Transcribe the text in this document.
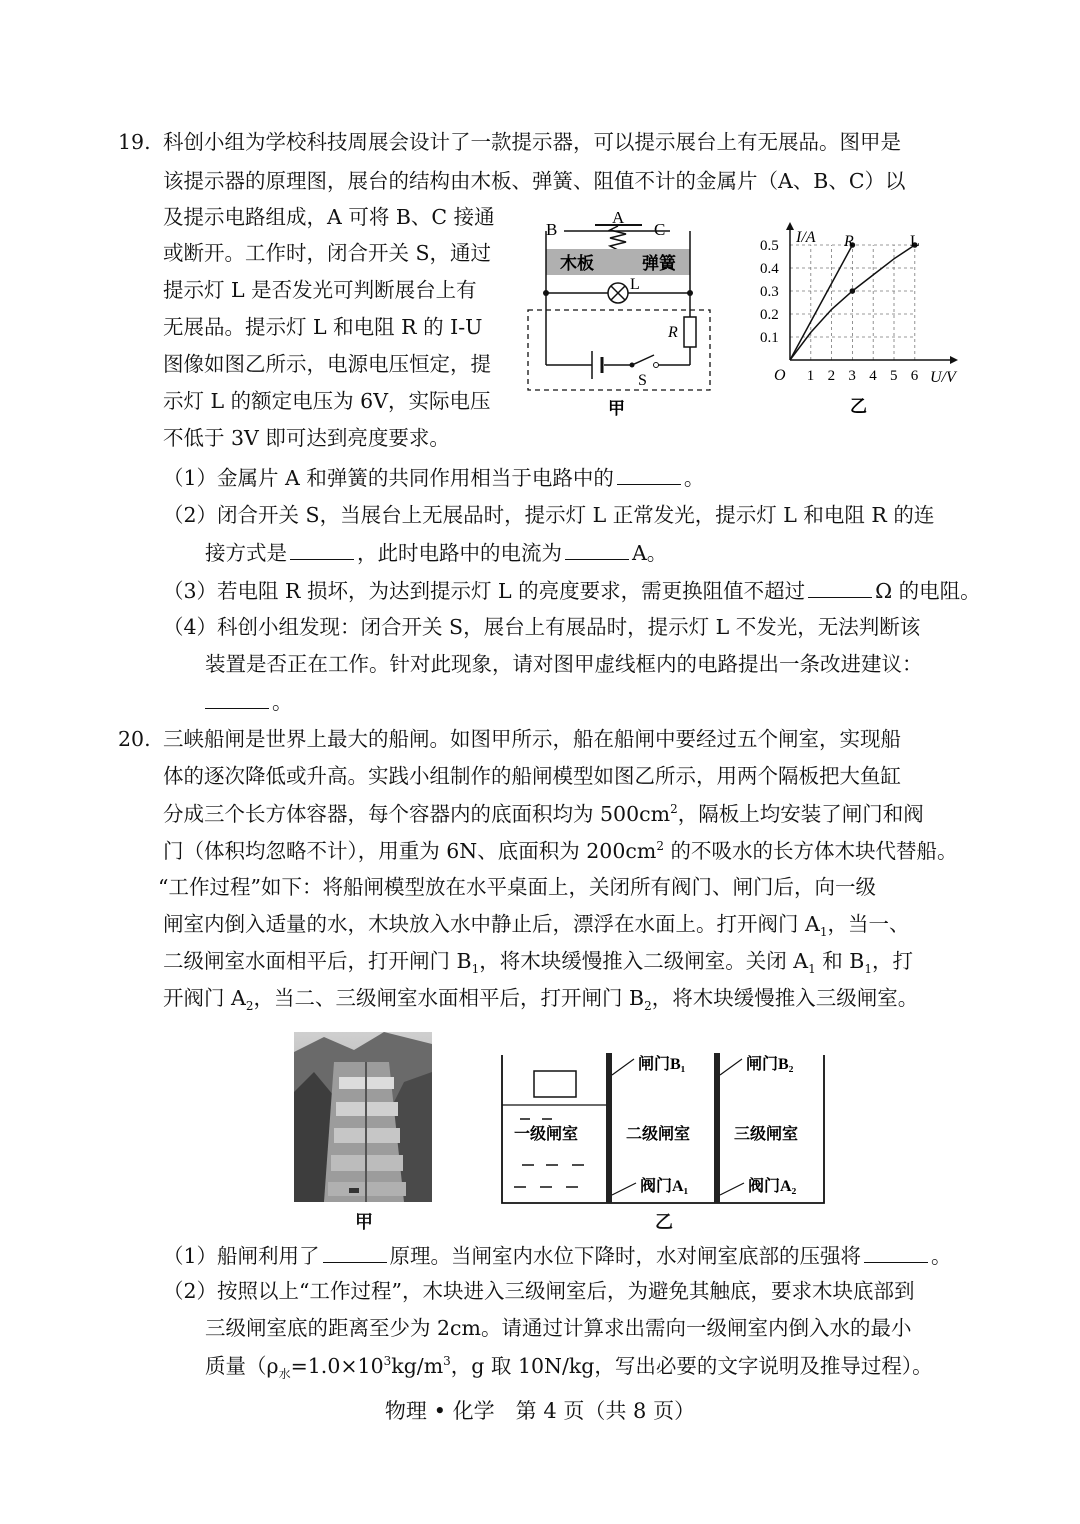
19. 科创小组为学校科技周展会设计了一款提示器，可以提示展台上有无展品。图甲是
该提示器的原理图，展台的结构由木板、弹簧、阻值不计的金属片（A、B、C）以
及提示电路组成，A 可将 B、C 接通
或断开。工作时，闭合开关 S，通过
提示灯 L 是否发光可判断展台上有
无展品。提示灯 L 和电阻 R 的 I-U
图像如图乙所示，电源电压恒定，提
示灯 L 的额定电压为 6V，实际电压
不低于 3V 即可达到亮度要求。
B
A
C
木板	弹簧
L
R
S
甲
0.1
0.2
0.3
0.4
0.5
1 2 3 4 5 6
I/A
U/V
O
R	L
乙
（1）金属片 A 和弹簧的共同作用相当于电路中的	。
（2）闭合开关 S，当展台上无展品时，提示灯 L 正常发光，提示灯 L 和电阻 R 的连
接方式是	，此时电路中的电流为	A。
（3）若电阻 R 损坏，为达到提示灯 L 的亮度要求，需更换阻值不超过	Ω 的电阻。
（4）科创小组发现：闭合开关 S，展台上有展品时，提示灯 L 不发光，无法判断该
装置是否正在工作。针对此现象，请对图甲虚线框内的电路提出一条改进建议：
。
20. 三峡船闸是世界上最大的船闸。如图甲所示，船在船闸中要经过五个闸室，实现船
体的逐次降低或升高。实践小组制作的船闸模型如图乙所示，用两个隔板把大鱼缸
分成三个长方体容器，每个容器内的底面积均为 $500cm^2$，隔板上均安装了闸门和阀
门（体积均忽略不计），用重为 6N、底面积为 $200cm^2$ 的不吸水的长方体木块代替船。
“工作过程”如下：将船闸模型放在水平桌面上，关闭所有阀门、闸门后，向一级
闸室内倒入适量的水，木块放入水中静止后，漂浮在水面上。打开阀门 $A_1$，当一、
二级闸室水面相平后，打开闸门 $B_1$，将木块缓慢推入二级闸室。关闭 $A_1$ 和 $B_1$，打
开阀门 $A_2$，当二、三级闸室水面相平后，打开闸门 $B_2$，将木块缓慢推入三级闸室。
甲
闸门B₁	闸门B₂
一级闸室	二级闸室	三级闸室
阀门A₁	阀门A₂
乙
（1）船闸利用了	原理。当闸室内水位下降时，水对闸室底部的压强将	。
（2）按照以上“工作过程”，木块进入三级闸室后，为避免其触底，要求木块底部到
三级闸室底的距离至少为 2cm。请通过计算求出需向一级闸室内倒入水的最小
质量（$\rho_水=1.0\times 10^3kg/m^3$，g 取 10N/kg，写出必要的文字说明及推导过程）。
物理 • 化学　第 4 页（共 8 页）
